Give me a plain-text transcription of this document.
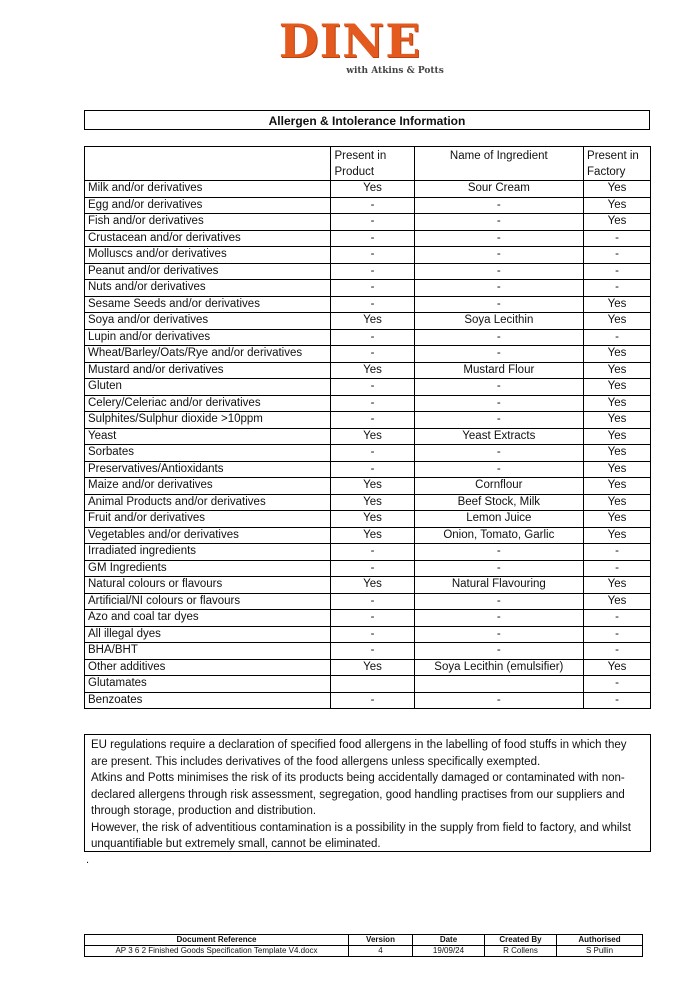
DINE
with Atkins & Potts
Allergen & Intolerance Information
	Present in Product	Name of Ingredient	Present in Factory
Milk and/or derivatives	Yes	Sour Cream	Yes
Egg and/or derivatives	-	-	Yes
Fish and/or derivatives	-	-	Yes
Crustacean and/or derivatives	-	-	-
Molluscs and/or derivatives	-	-	-
Peanut and/or derivatives	-	-	-
Nuts and/or derivatives	-	-	-
Sesame Seeds and/or derivatives	-	-	Yes
Soya and/or derivatives	Yes	Soya Lecithin	Yes
Lupin and/or derivatives	-	-	-
Wheat/Barley/Oats/Rye and/or derivatives	-	-	Yes
Mustard and/or derivatives	Yes	Mustard Flour	Yes
Gluten	-	-	Yes
Celery/Celeriac and/or derivatives	-	-	Yes
Sulphites/Sulphur dioxide >10ppm	-	-	Yes
Yeast	Yes	Yeast Extracts	Yes
Sorbates	-	-	Yes
Preservatives/Antioxidants	-	-	Yes
Maize and/or derivatives	Yes	Cornflour	Yes
Animal Products and/or derivatives	Yes	Beef Stock, Milk	Yes
Fruit and/or derivatives	Yes	Lemon Juice	Yes
Vegetables and/or derivatives	Yes	Onion, Tomato, Garlic	Yes
Irradiated ingredients	-	-	-
GM Ingredients	-	-	-
Natural colours or flavours	Yes	Natural Flavouring	Yes
Artificial/NI colours or flavours	-	-	Yes
Azo and coal tar dyes	-	-	-
All illegal dyes	-	-	-
BHA/BHT	-	-	-
Other additives	Yes	Soya Lecithin (emulsifier)	Yes
Glutamates			-
Benzoates	-	-	-

EU regulations require a declaration of specified food allergens in the labelling of food stuffs in which they are present. This includes derivatives of the food allergens unless specifically exempted.

Atkins and Potts minimises the risk of its products being accidentally damaged or contaminated with non-declared allergens through risk assessment, segregation, good handling practises from our suppliers and through storage, production and distribution.

However, the risk of adventitious contamination is a possibility in the supply from field to factory, and whilst unquantifiable but extremely small, cannot be eliminated.

.
Document Reference	Version	Date	Created By	Authorised
AP 3 6 2 Finished Goods Specification Template V4.docx	4	19/09/24	R Collens	S Pullin
